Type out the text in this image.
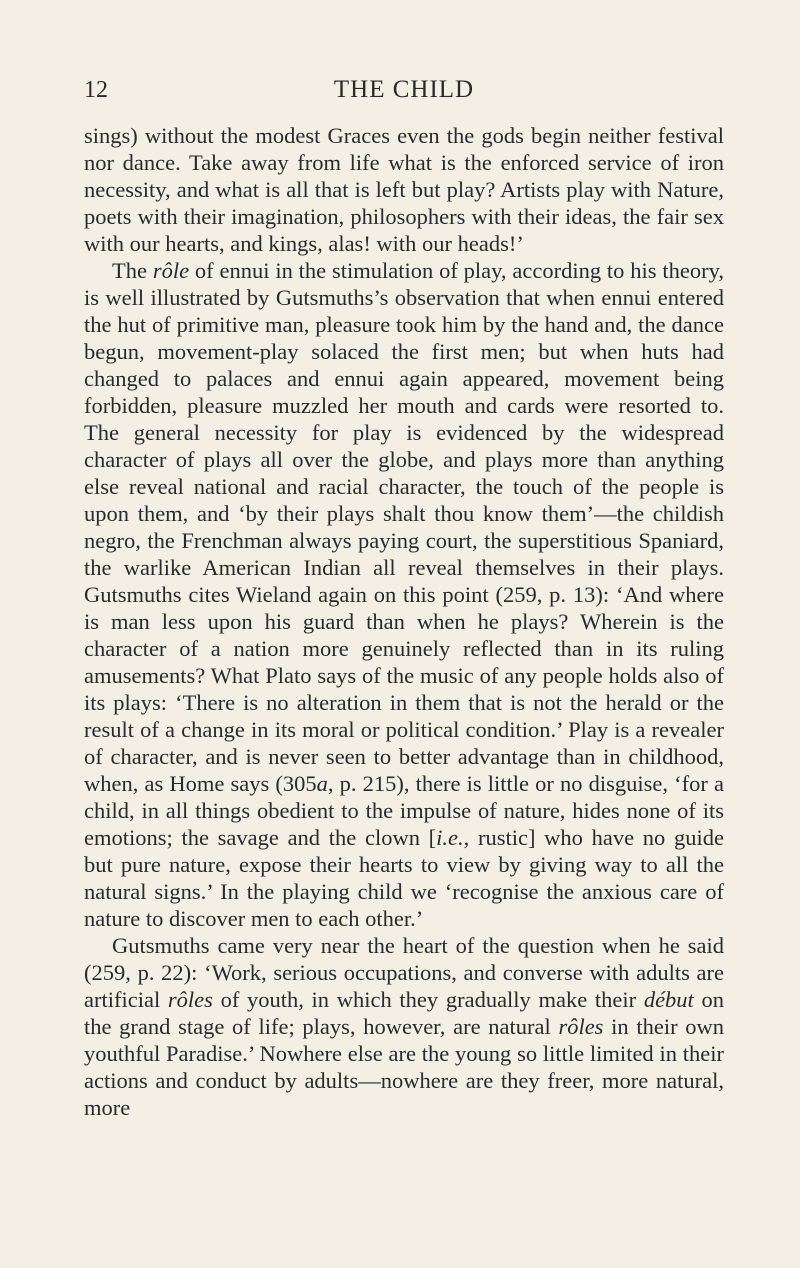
12	THE CHILD

sings) without the modest Graces even the gods begin neither festival nor dance. Take away from life what is the enforced service of iron necessity, and what is all that is left but play? Artists play with Nature, poets with their imagination, philosophers with their ideas, the fair sex with our hearts, and kings, alas! with our heads!’

The rôle of ennui in the stimulation of play, according to his theory, is well illustrated by Gutsmuths’s observation that when ennui entered the hut of primitive man, pleasure took him by the hand and, the dance begun, movement-play solaced the first men; but when huts had changed to palaces and ennui again appeared, movement being forbidden, pleasure muzzled her mouth and cards were resorted to. The general necessity for play is evidenced by the widespread character of plays all over the globe, and plays more than anything else reveal national and racial character, the touch of the people is upon them, and ‘by their plays shalt thou know them’—the childish negro, the Frenchman always paying court, the superstitious Spaniard, the warlike American Indian all reveal themselves in their plays. Gutsmuths cites Wieland again on this point (259, p. 13): ‘And where is man less upon his guard than when he plays? Wherein is the character of a nation more genuinely reflected than in its ruling amusements? What Plato says of the music of any people holds also of its plays: ‘There is no alteration in them that is not the herald or the result of a change in its moral or political condition.’ Play is a revealer of character, and is never seen to better advantage than in childhood, when, as Home says (305a, p. 215), there is little or no disguise, ‘for a child, in all things obedient to the impulse of nature, hides none of its emotions; the savage and the clown [i.e., rustic] who have no guide but pure nature, expose their hearts to view by giving way to all the natural signs.’ In the playing child we ‘recognise the anxious care of nature to discover men to each other.’

Gutsmuths came very near the heart of the question when he said (259, p. 22): ‘Work, serious occupations, and converse with adults are artificial rôles of youth, in which they gradually make their début on the grand stage of life; plays, however, are natural rôles in their own youthful Paradise.’ Nowhere else are the young so little limited in their actions and conduct by adults—nowhere are they freer, more natural, more
